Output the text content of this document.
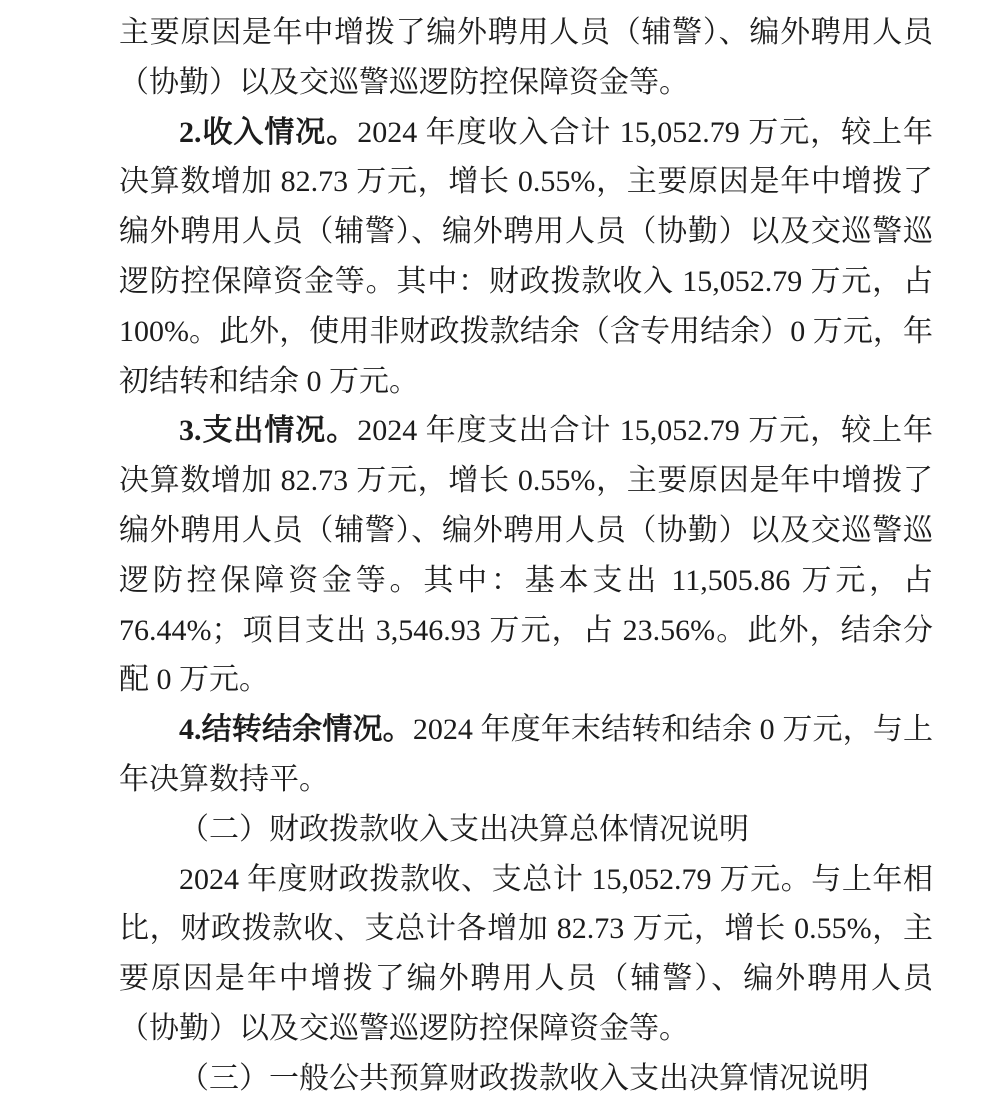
主要原因是年中增拨了编外聘用人员（辅警）、编外聘用人员（协勤）以及交巡警巡逻防控保障资金等。

2.收入情况。2024 年度收入合计 15,052.79 万元，较上年决算数增加 82.73 万元，增长 0.55%，主要原因是年中增拨了编外聘用人员（辅警）、编外聘用人员（协勤）以及交巡警巡逻防控保障资金等。其中：财政拨款收入 15,052.79 万元，占 100%。此外，使用非财政拨款结余（含专用结余）0 万元，年初结转和结余 0 万元。

3.支出情况。2024 年度支出合计 15,052.79 万元，较上年决算数增加 82.73 万元，增长 0.55%，主要原因是年中增拨了编外聘用人员（辅警）、编外聘用人员（协勤）以及交巡警巡逻防控保障资金等。其中：基本支出 11,505.86 万元，占 76.44%；项目支出 3,546.93 万元，占 23.56%。此外，结余分配 0 万元。

4.结转结余情况。2024 年度年末结转和结余 0 万元，与上年决算数持平。

（二）财政拨款收入支出决算总体情况说明

2024 年度财政拨款收、支总计 15,052.79 万元。与上年相比，财政拨款收、支总计各增加 82.73 万元，增长 0.55%，主要原因是年中增拨了编外聘用人员（辅警）、编外聘用人员（协勤）以及交巡警巡逻防控保障资金等。

（三）一般公共预算财政拨款收入支出决算情况说明
